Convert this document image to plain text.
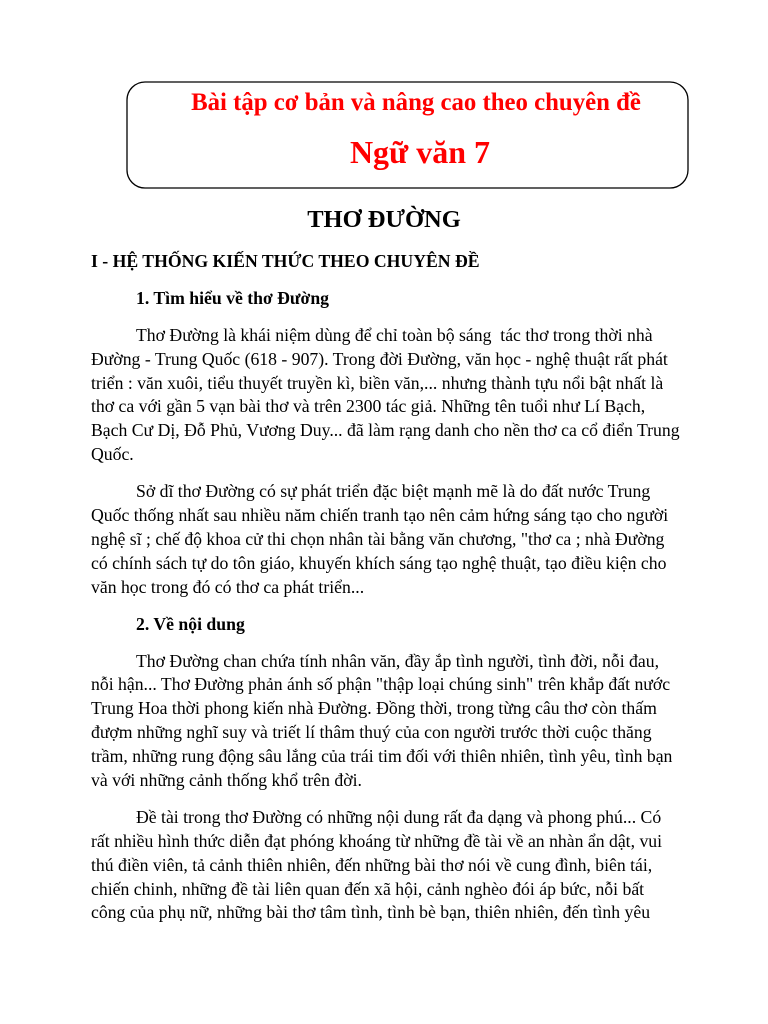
Bài tập cơ bản và nâng cao theo chuyên đề
Ngữ văn 7
THƠ ĐƯỜNG
I - HỆ THỐNG KIẾN THỨC THEO CHUYÊN ĐỀ
1. Tìm hiểu về thơ Đường
Thơ Đường là khái niệm dùng để chỉ toàn bộ sáng  tác thơ trong thời nhà
Đường - Trung Quốc (618 - 907). Trong đời Đường, văn học - nghệ thuật rất phát
triển : văn xuôi, tiểu thuyết truyền kì, biền văn,... nhưng thành tựu nổi bật nhất là
thơ ca với gần 5 vạn bài thơ và trên 2300 tác giả. Những tên tuổi như Lí Bạch,
Bạch Cư Dị, Đỗ Phủ, Vương Duy... đã làm rạng danh cho nền thơ ca cổ điển Trung
Quốc.
Sở dĩ thơ Đường có sự phát triển đặc biệt mạnh mẽ là do đất nước Trung
Quốc thống nhất sau nhiều năm chiến tranh tạo nên cảm hứng sáng tạo cho người
nghệ sĩ ; chế độ khoa cử thi chọn nhân tài bằng văn chương, "thơ ca ; nhà Đường
có chính sách tự do tôn giáo, khuyến khích sáng tạo nghệ thuật, tạo điều kiện cho
văn học trong đó có thơ ca phát triển...
2. Về nội dung
Thơ Đường chan chứa tính nhân văn, đầy ắp tình người, tình đời, nỗi đau,
nỗi hận... Thơ Đường phản ánh số phận "thập loại chúng sinh" trên khắp đất nước
Trung Hoa thời phong kiến nhà Đường. Đồng thời, trong từng câu thơ còn thấm
đượm những nghĩ suy và triết lí thâm thuý của con người trước thời cuộc thăng
trầm, những rung động sâu lắng của trái tim đối với thiên nhiên, tình yêu, tình bạn
và với những cảnh thống khổ trên đời.
Đề tài trong thơ Đường có những nội dung rất đa dạng và phong phú... Có
rất nhiều hình thức diễn đạt phóng khoáng từ những đề tài về an nhàn ẩn dật, vui
thú điền viên, tả cảnh thiên nhiên, đến những bài thơ nói về cung đình, biên tái,
chiến chinh, những đề tài liên quan đến xã hội, cảnh nghèo đói áp bức, nỗi bất
công của phụ nữ, những bài thơ tâm tình, tình bè bạn, thiên nhiên, đến tình yêu
